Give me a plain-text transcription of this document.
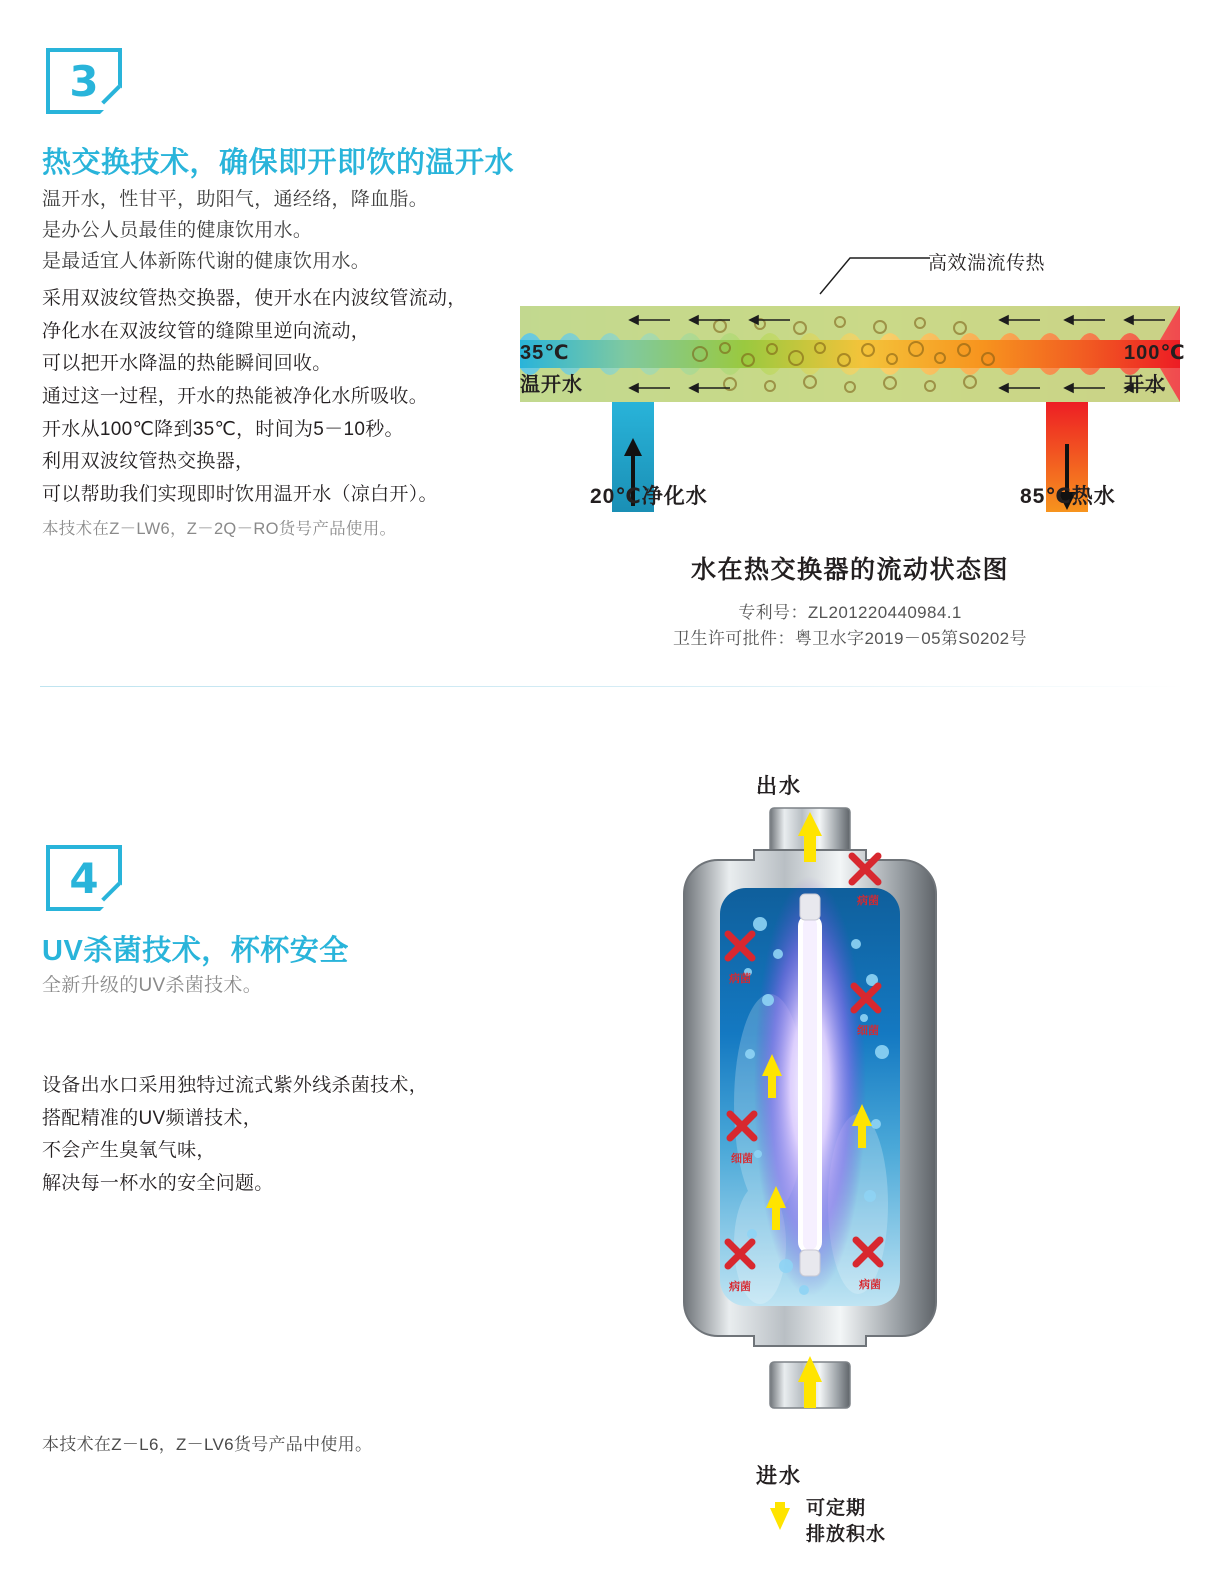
3
热交换技术，确保即开即饮的温开水
温开水，性甘平，助阳气，通经络，降血脂。
是办公人员最佳的健康饮用水。
是最适宜人体新陈代谢的健康饮用水。
采用双波纹管热交换器，使开水在内波纹管流动，
净化水在双波纹管的缝隙里逆向流动，
可以把开水降温的热能瞬间回收。
通过这一过程，开水的热能被净化水所吸收。
开水从100℃降到35℃，时间为5－10秒。
利用双波纹管热交换器，
可以帮助我们实现即时饮用温开水（凉白开）。
本技术在Z－LW6，Z－2Q－RO货号产品使用。
高效湍流传热
35℃
温开水
100℃
开水
20℃净化水	85℃热水
水在热交换器的流动状态图
专利号：ZL201220440984.1
卫生许可批件：粤卫水字2019－05第S0202号
4
UV杀菌技术，杯杯安全
全新升级的UV杀菌技术。
设备出水口采用独特过流式紫外线杀菌技术，
搭配精准的UV频谱技术，
不会产生臭氧气味，
解决每一杯水的安全问题。
本技术在Z－L6，Z－LV6货号产品中使用。
出水
病菌
病菌
细菌
细菌
病菌	病菌
进水
可定期
排放积水
